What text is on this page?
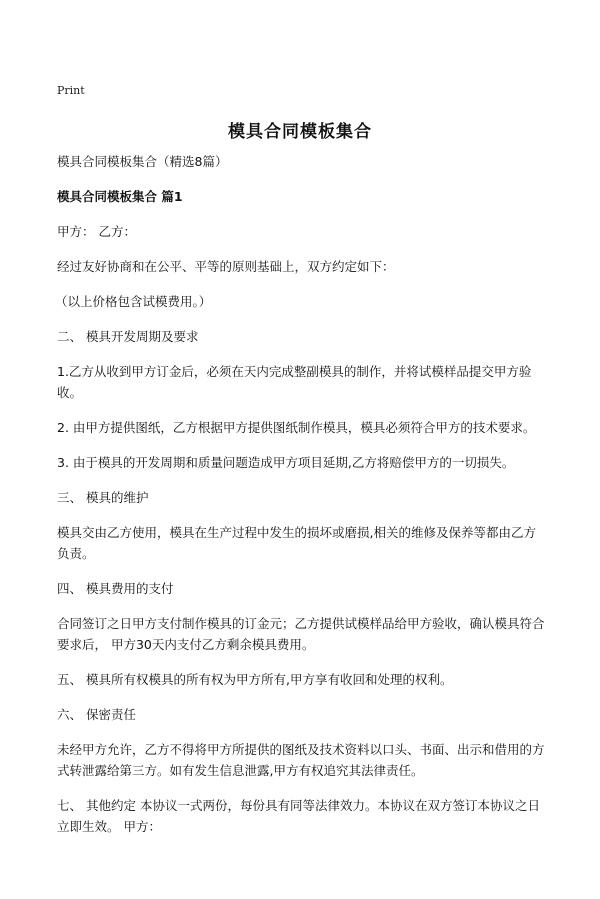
Print
模具合同模板集合

模具合同模板集合（精选8篇）

模具合同模板集合 篇1

甲方： 乙方：

经过友好协商和在公平、平等的原则基础上，双方约定如下：

（以上价格包含试模费用。）

二、 模具开发周期及要求

1.乙方从收到甲方订金后，必须在天内完成整副模具的制作，并将试模样品提交甲方验收。

2. 由甲方提供图纸，乙方根据甲方提供图纸制作模具，模具必须符合甲方的技术要求。

3. 由于模具的开发周期和质量问题造成甲方项目延期,乙方将赔偿甲方的一切损失。

三、 模具的维护

模具交由乙方使用，模具在生产过程中发生的损坏或磨损,相关的维修及保养等都由乙方负责。

四、 模具费用的支付

合同签订之日甲方支付制作模具的订金元；乙方提供试模样品给甲方验收，确认模具符合要求后， 甲方30天内支付乙方剩余模具费用。

五、 模具所有权模具的所有权为甲方所有,甲方享有收回和处理的权利。

六、 保密责任

未经甲方允许，乙方不得将甲方所提供的图纸及技术资料以口头、书面、出示和借用的方式转泄露给第三方。如有发生信息泄露,甲方有权追究其法律责任。

七、 其他约定 本协议一式两份，每份具有同等法律效力。本协议在双方签订本协议之日立即生效。 甲方：
